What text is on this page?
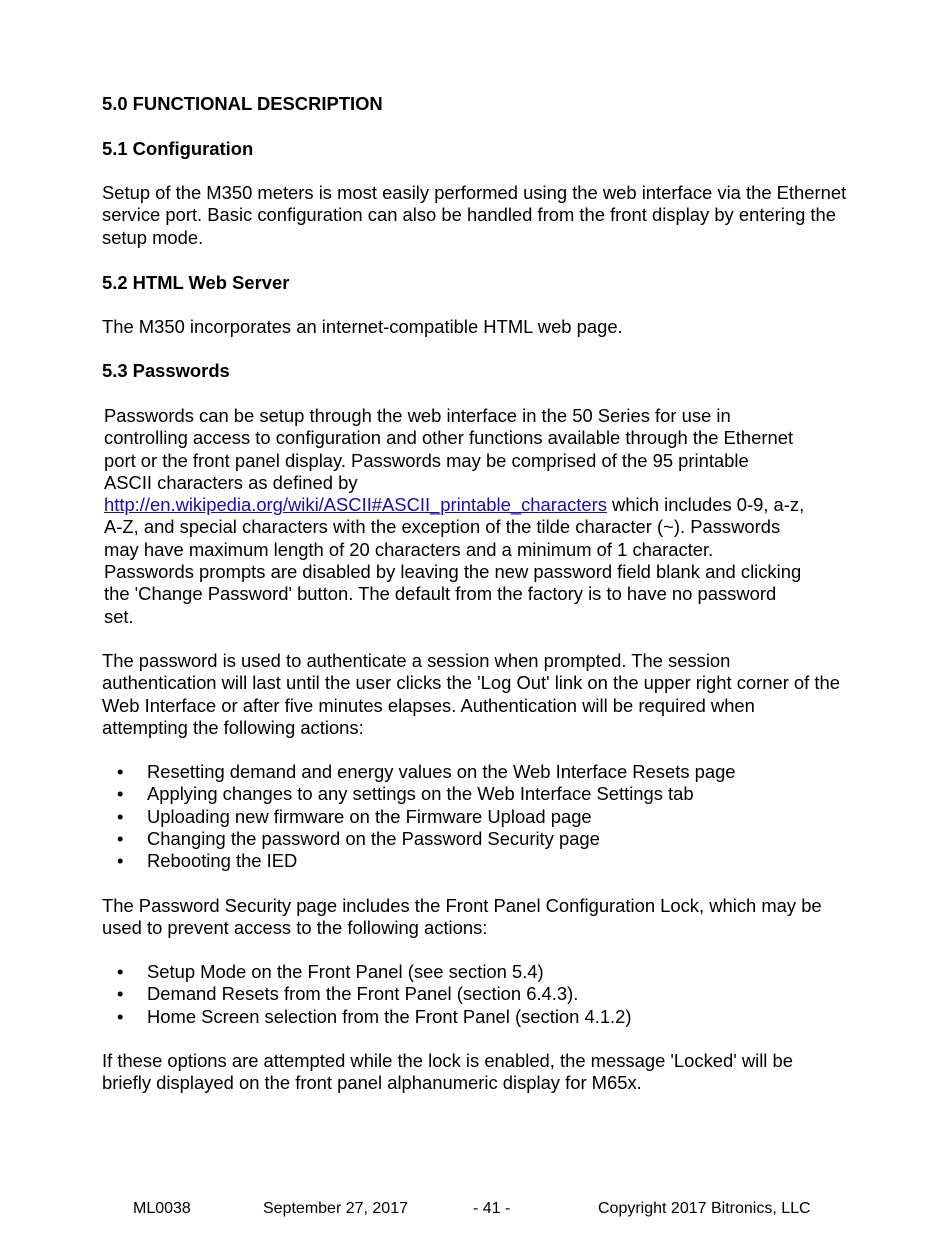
5.0 FUNCTIONAL DESCRIPTION

5.1 Configuration

Setup of the M350 meters is most easily performed using the web interface via the Ethernet service port. Basic configuration can also be handled from the front display by entering the setup mode.

5.2 HTML Web Server

The M350 incorporates an internet-compatible HTML web page.

5.3 Passwords

Passwords can be setup through the web interface in the 50 Series for use in
controlling access to configuration and other functions available through the Ethernet
port or the front panel display. Passwords may be comprised of the 95 printable
ASCII characters as defined by
http://en.wikipedia.org/wiki/ASCII#ASCII_printable_characters which includes 0-9, a-z,
A-Z, and special characters with the exception of the tilde character (~). Passwords
may have maximum length of 20 characters and a minimum of 1 character.
Passwords prompts are disabled by leaving the new password field blank and clicking
the 'Change Password' button. The default from the factory is to have no password
set.

The password is used to authenticate a session when prompted. The session authentication will last until the user clicks the 'Log Out' link on the upper right corner of the Web Interface or after five minutes elapses. Authentication will be required when attempting the following actions:

• Resetting demand and energy values on the Web Interface Resets page
• Applying changes to any settings on the Web Interface Settings tab
• Uploading new firmware on the Firmware Upload page
• Changing the password on the Password Security page
• Rebooting the IED

The Password Security page includes the Front Panel Configuration Lock, which may be used to prevent access to the following actions:

• Setup Mode on the Front Panel (see section 5.4)
• Demand Resets from the Front Panel (section 6.4.3).
• Home Screen selection from the Front Panel (section 4.1.2)

If these options are attempted while the lock is enabled, the message 'Locked' will be briefly displayed on the front panel alphanumeric display for M65x.

ML0038	September 27, 2017	- 41 -	Copyright 2017 Bitronics, LLC
